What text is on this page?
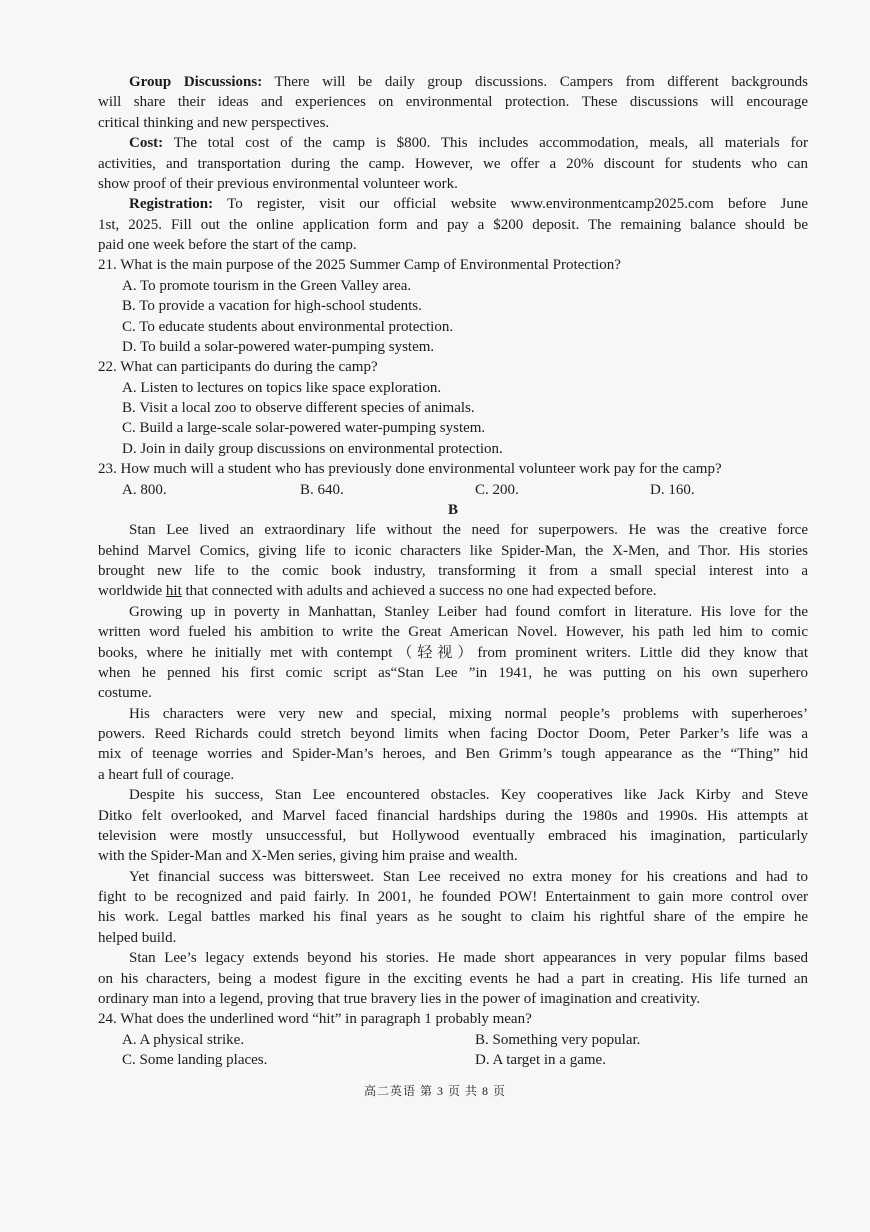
Group Discussions: There will be daily group discussions. Campers from different backgrounds
will share their ideas and experiences on environmental protection. These discussions will encourage
critical thinking and new perspectives.
Cost: The total cost of the camp is $800. This includes accommodation, meals, all materials for
activities, and transportation during the camp. However, we offer a 20% discount for students who can
show proof of their previous environmental volunteer work.
Registration: To register, visit our official website www.environmentcamp2025.com before June
1st, 2025. Fill out the online application form and pay a $200 deposit. The remaining balance should be
paid one week before the start of the camp.
21. What is the main purpose of the 2025 Summer Camp of Environmental Protection?
A. To promote tourism in the Green Valley area.
B. To provide a vacation for high-school students.
C. To educate students about environmental protection.
D. To build a solar-powered water-pumping system.
22. What can participants do during the camp?
A. Listen to lectures on topics like space exploration.
B. Visit a local zoo to observe different species of animals.
C. Build a large-scale solar-powered water-pumping system.
D. Join in daily group discussions on environmental protection.
23. How much will a student who has previously done environmental volunteer work pay for the camp?
A. 800.	B. 640.	C. 200.	D. 160.
B
Stan Lee lived an extraordinary life without the need for superpowers. He was the creative force
behind Marvel Comics, giving life to iconic characters like Spider-Man, the X-Men, and Thor. His stories
brought new life to the comic book industry, transforming it from a small special interest into a
worldwide hit that connected with adults and achieved a success no one had expected before.
Growing up in poverty in Manhattan, Stanley Leiber had found comfort in literature. His love for the
written word fueled his ambition to write the Great American Novel. However, his path led him to comic
books, where he initially met with contempt（轻视）from prominent writers. Little did they know that
when he penned his first comic script as“Stan Lee ”in 1941, he was putting on his own superhero
costume.
His characters were very new and special, mixing normal people’s problems with superheroes’
powers. Reed Richards could stretch beyond limits when facing Doctor Doom, Peter Parker’s life was a
mix of teenage worries and Spider-Man’s heroes, and Ben Grimm’s tough appearance as the “Thing” hid
a heart full of courage.
Despite his success, Stan Lee encountered obstacles. Key cooperatives like Jack Kirby and Steve
Ditko felt overlooked, and Marvel faced financial hardships during the 1980s and 1990s. His attempts at
television were mostly unsuccessful, but Hollywood eventually embraced his imagination, particularly
with the Spider-Man and X-Men series, giving him praise and wealth.
Yet financial success was bittersweet. Stan Lee received no extra money for his creations and had to
fight to be recognized and paid fairly. In 2001, he founded POW! Entertainment to gain more control over
his work. Legal battles marked his final years as he sought to claim his rightful share of the empire he
helped build.
Stan Lee’s legacy extends beyond his stories. He made short appearances in very popular films based
on his characters, being a modest figure in the exciting events he had a part in creating. His life turned an
ordinary man into a legend, proving that true bravery lies in the power of imagination and creativity.
24. What does the underlined word “hit” in paragraph 1 probably mean?
A. A physical strike.	B. Something very popular.
C. Some landing places.	D. A target in a game.
高二英语 第 3 页 共 8 页
